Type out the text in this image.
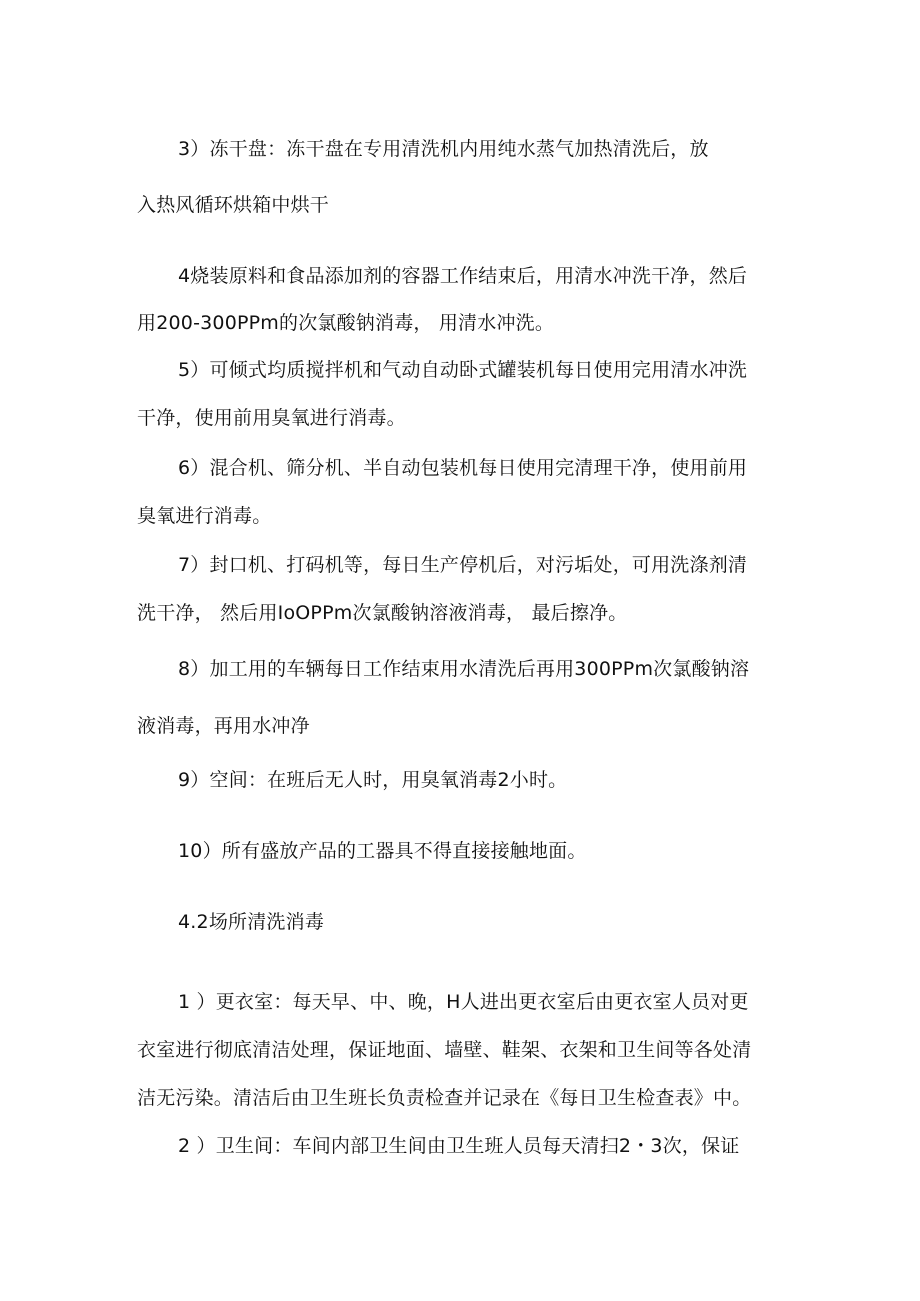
3）冻干盘：冻干盘在专用清洗机内用纯水蒸气加热清洗后，放
入热风循环烘箱中烘干
4烧装原料和食品添加剂的容器工作结束后，用清水冲洗干净，然后
用200-300PPm的次氯酸钠消毒， 用清水冲洗。
5）可倾式均质搅拌机和气动自动卧式罐装机每日使用完用清水冲洗
干净，使用前用臭氧进行消毒。
6）混合机、筛分机、半自动包装机每日使用完清理干净，使用前用
臭氧进行消毒。
7）封口机、打码机等，每日生产停机后，对污垢处，可用洗涤剂清
洗干净， 然后用IoOPPm次氯酸钠溶液消毒， 最后擦净。
8）加工用的车辆每日工作结束用水清洗后再用300PPm次氯酸钠溶
液消毒，再用水冲净
9）空间：在班后无人时，用臭氧消毒2小时。
10）所有盛放产品的工器具不得直接接触地面。
4.2场所清洗消毒
1 ）更衣室：每天早、中、晚，H人进出更衣室后由更衣室人员对更
衣室进行彻底清洁处理，保证地面、墙壁、鞋架、衣架和卫生间等各处清
洁无污染。清洁后由卫生班长负责检查并记录在《每日卫生检查表》中。
2 ）卫生间：车间内部卫生间由卫生班人员每天清扫2・3次，保证
